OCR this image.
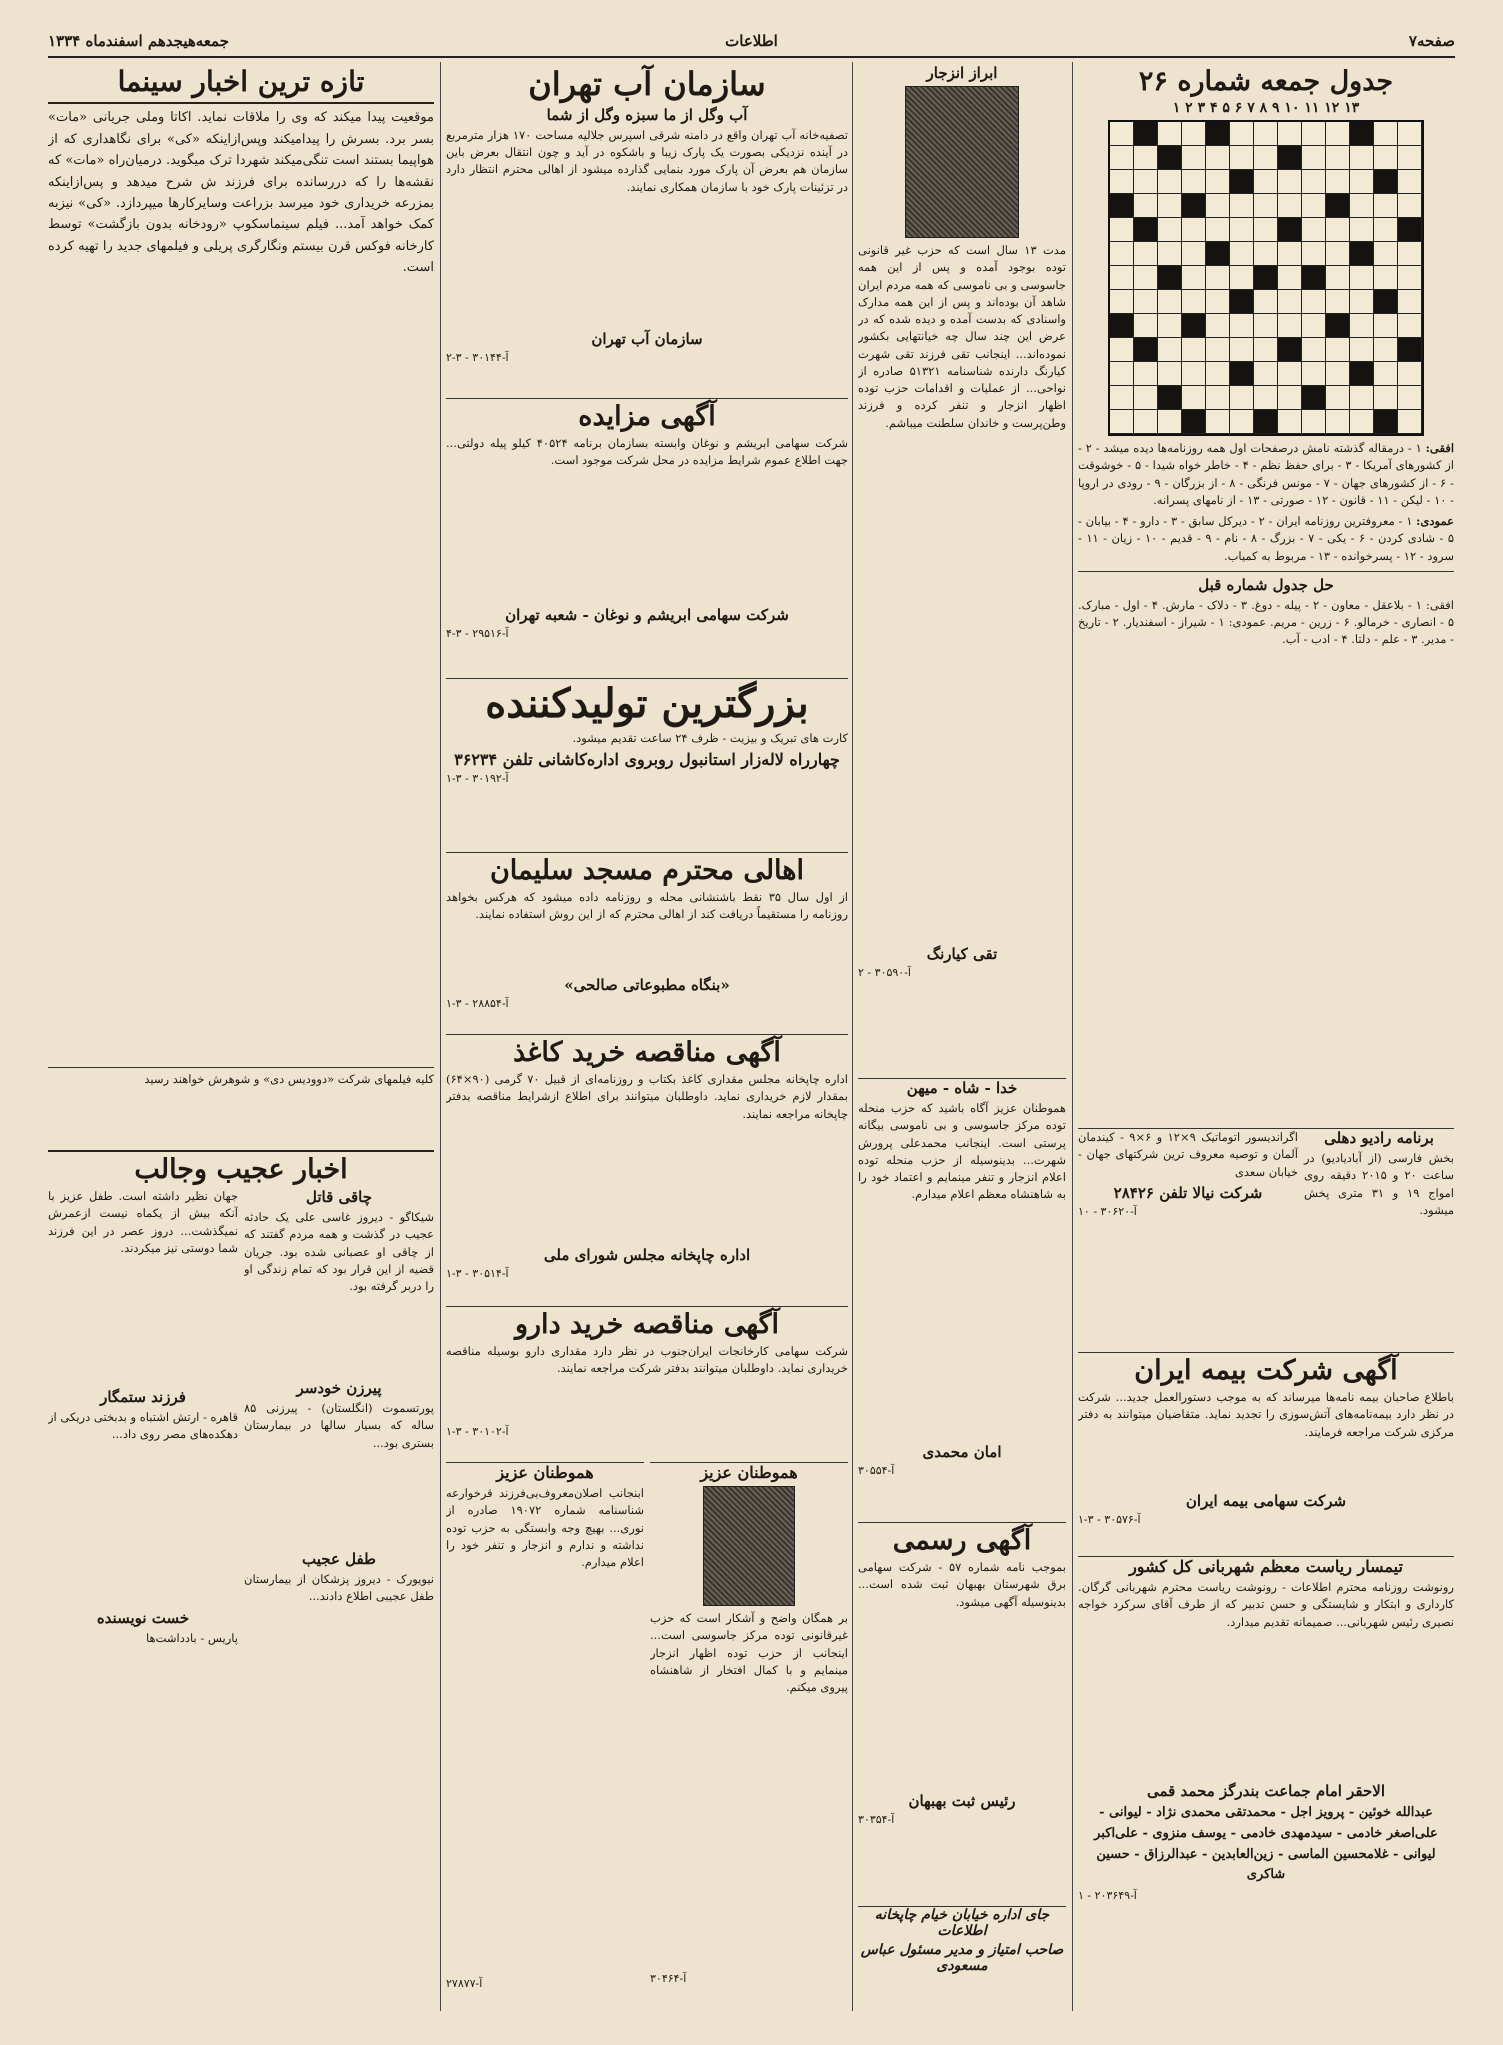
جمعه‌هیجدهم اسفندماه ۱۳۳۴	اطلاعات	صفحه۷
تازه ترین اخبار سینما
موقعیت پیدا میکند که وی را ملاقات نماید. اکاتا وملی جریانی «مات» بسر برد. بسرش را پیدامیکند وپس‌ازاینکه «کی» برای نگاهداری که از هواپیما بستند است تنگی‌میکند شهردا ترک میگوید. درمیان‌راه «مات» که نقشه‌ها را که دررسانده برای فرزند ش شرح میدهد و پس‌ازاینکه بمزرعه خریداری خود میرسد بزراعت وسایرکارها میپردازد. «کی» نیزبه کمک خواهد آمد... فیلم سینماسکوپ «رودخانه بدون بازگشت» توسط کارخانه فوکس قرن بیستم ونگارگری پریلی و فیلمهای جدید را تهیه کرده است.
کلیه فیلمهای شرکت «دوودیس دی» و شوهرش خواهند رسید
اخبار عجیب وجالب
چاقی قاتل
شیکاگو - دیروز غاسی علی یک حادثه عجیب در گذشت و همه مردم گفتند که از چاقی او عصبانی شده بود. جریان قضیه از این قرار بود که تمام زندگی او را دربر گرفته بود.
پیرزن خودسر
پورتسموت (انگلستان) - پیرزنی ۸۵ ساله که بسیار سالها در بیمارستان بستری بود...
طفل عجیب
نیویورک - دیروز پزشکان از بیمارستان طفل عجیبی اطلاع دادند...
جهان نظیر داشته است. طفل عزیز با آنکه بیش از یکماه نیست ازعمرش نمیگذشت... دروز عصر در این فرزند شما دوستی نیز میکردند.
فرزند ستمگار
قاهره - ارتش اشتباه و بدبختی دریکی از دهکده‌های مصر روی داد...
خست نویسنده
پاریس - بادداشت‌ها
سازمان آب تهران
آب وگل از ما سبزه وگل از شما
تصفیه‌خانه آب تهران واقع در دامنه شرقی اسپرس جلالیه مساحت ۱۷۰ هزار مترمربع در آینده نزدیکی بصورت یک پارک زیبا و باشکوه در آید و چون انتقال بعرض باین سازمان هم بعرض آن پارک مورد بنمایی گذارده میشود از اهالی محترم انتظار دارد در تزئینات پارک خود با سازمان همکاری نمایند.
سازمان آب تهران
آ-۳۰۱۴۴ - ۳-۲
آگهی مزایده
شرکت سهامی ابریشم و نوغان وابسته بسازمان برنامه ۴۰۵۲۴ کیلو پیله دولتی... جهت اطلاع عموم شرایط مزایده در محل شرکت موجود است.
شرکت سهامی ابریشم و نوغان - شعبه تهران
آ-۲۹۵۱۶ - ۳-۴
بزرگترین تولیدکننده
کارت های تبریک و بیزیت - ظرف ۲۴ ساعت تقدیم میشود.
چهارراه لاله‌زار استانبول روبروی اداره‌کاشانی تلفن ۳۶۲۳۴
آ-۳۰۱۹۲ - ۳-۱
اهالی محترم مسجد سلیمان
از اول سال ۳۵ نقط باشنشانی محله و روزنامه داده میشود که هرکس بخواهد روزنامه را مستقیماً دریافت کند از اهالی محترم که از این روش استفاده نمایند.
«بنگاه مطبوعاتی صالحی»
آ-۲۸۸۵۴ - ۳-۱
آگهی مناقصه خرید کاغذ
اداره چاپخانه مجلس مقداری کاغذ بکتاب و روزنامه‌ای از قبیل ۷۰ گرمی (۹۰×۶۴) بمقدار لازم خریداری نماید. داوطلبان میتوانند برای اطلاع ازشرایط مناقصه بدفتر چاپخانه مراجعه نمایند.
اداره چاپخانه مجلس شورای ملی
آ-۳۰۵۱۴ - ۳-۱
آگهی مناقصه خرید دارو
شرکت سهامی کارخانجات ایران‌جنوب در نظر دارد مقداری دارو بوسیله مناقصه خریداری نماید. داوطلبان میتوانند بدفتر شرکت مراجعه نمایند.
آ-۳۰۱۰۲ - ۳-۱
هموطنان عزیز
ابنجانب اصلان‌معروف‌بی‌فرزند قرخوارعه شناسنامه شماره ۱۹۰۷۲ صادره از نوری... بهیچ وجه وابستگی به حزب توده نداشته و ندارم و انزجار و تنفر خود را اعلام میدارم.
آ-۲۷۸۷۷
هموطنان عزیز
بر همگان واضح و آشکار است که حزب غیرقانونی توده مرکز جاسوسی است... اینجانب از حزب توده اظهار انزجار مینمایم و با کمال افتخار از شاهنشاه پیروی میکنم.
آ-۳۰۴۶۴
ابراز انزجار
مدت ۱۳ سال است که حزب غیر قانونی توده بوجود آمده و پس از این همه جاسوسی و بی ناموسی که همه مردم ایران شاهد آن بوده‌اند و پس از این همه مدارک واسنادی که بدست آمده و دیده شده که در عرض این چند سال چه خیانتهایی بکشور نموده‌اند... اینجانب تقی فرزند تقی شهرت کیارنگ دارنده شناسنامه ۵۱۳۲۱ صادره از نواحی... از عملیات و اقدامات حزب توده اظهار انزجار و تنفر کرده و فرزند وطن‌پرست و خاندان سلطنت میباشم.
تقی کیارنگ
آ-۳۰۵۹۰ - ۲
خدا - شاه - میهن
هموطنان عزیز آگاه باشید که حزب منحله توده مرکز جاسوسی و بی ناموسی بیگانه پرستی است. اینجانب محمدعلی پرورش شهرت... بدینوسیله از حزب منحله توده اعلام انزجار و تنفر مینمایم و اعتماد خود را به شاهنشاه معظم اعلام میدارم.
امان محمدی
آ-۳۰۵۵۴
آگهی رسمی
بموجب نامه شماره ۵۷ - شرکت سهامی برق شهرستان بهبهان ثبت شده است... بدینوسیله آگهی میشود.
رئیس ثبت بهبهان
آ-۳۰۳۵۴
جای اداره خیابان خیام چاپخانه اطلاعات
صاحب امتیاز و مدیر مسئول عباس مسعودی
جدول جمعه شماره ۲۶
۱۳ ۱۲ ۱۱ ۱۰ ۹ ۸ ۷ ۶ ۵ ۴ ۳ ۲ ۱
افقی: ۱ - درمقاله گذشته نامش درصفحات اول همه روزنامه‌ها دیده میشد - ۲ - از کشورهای آمریکا - ۳ - برای حفظ نظم - ۴ - خاطر خواه شیدا - ۵ - خوشوقت - ۶ - از کشورهای جهان - ۷ - مونس فرنگی - ۸ - از بزرگان - ۹ - رودی در اروپا - ۱۰ - لیکن - ۱۱ - قانون - ۱۲ - صورتی - ۱۳ - از نامهای پسرانه.
عمودی: ۱ - معروفترین روزنامه ایران - ۲ - دیرکل سابق - ۳ - دارو - ۴ - بیابان - ۵ - شادی کردن - ۶ - یکی - ۷ - بزرگ - ۸ - نام - ۹ - قدیم - ۱۰ - زیان - ۱۱ - سرود - ۱۲ - پسرخوانده - ۱۳ - مربوط به کمیاب.
حل جدول شماره قبل
افقی: ۱ - بلاعقل - معاون - ۲ - پیله - دوغ. ۳ - دلاک - مارش. ۴ - اول - مبارک. ۵ - انصاری - خرمالو. ۶ - زرین - مریم. عمودی: ۱ - شیراز - اسفندیار. ۲ - تاریخ - مدیر. ۳ - علم - دلتا. ۴ - ادب - آب.
برنامه رادیو دهلی
بخش فارسی (از آبادیادیو) در ساعت ۲۰ و ۲۰۱۵ دقیقه روی امواج ۱۹ و ۳۱ متری پخش میشود.
اگراندیسور اتوماتیک ۹×۱۲ و ۶×۹ - کیندمان آلمان و توصیه معروف ترین شرکتهای جهان - خیابان سعدی
شرکت نیالا تلفن ۲۸۴۲۶
آ-۳۰۶۲۰ - ۱۰
آگهی شرکت بیمه ایران
باطلاع صاحبان بیمه نامه‌ها میرساند که به موجب دستورالعمل جدید... شرکت در نظر دارد بیمه‌نامه‌های آتش‌سوزی را تجدید نماید. متقاضیان میتوانند به دفتر مرکزی شرکت مراجعه فرمایند.
شرکت سهامی بیمه ایران
آ-۳۰۵۷۶ - ۳-۱
تیمسار ریاست معظم شهربانی کل کشور
رونوشت روزنامه محترم اطلاعات - رونوشت ریاست محترم شهربانی گرگان. کارداری و ابتکار و شایستگی و حسن تدبیر که از طرف آقای سرکرد خواجه نصیری رئیس شهربانی... صمیمانه تقدیم میدارد.
الاحقر امام جماعت بندرگز محمد قمی
عبدالله خوئین - پرویز اجل - محمدتقی محمدی نژاد - لیوانی - علی‌اصغر خادمی - سیدمهدی خادمی - یوسف منزوی - علی‌اکبر لیوانی - غلامحسین الماسی - زین‌العابدین - عبدالرزاق - حسین شاکری
آ-۲۰۳۶۴۹ - ۱
